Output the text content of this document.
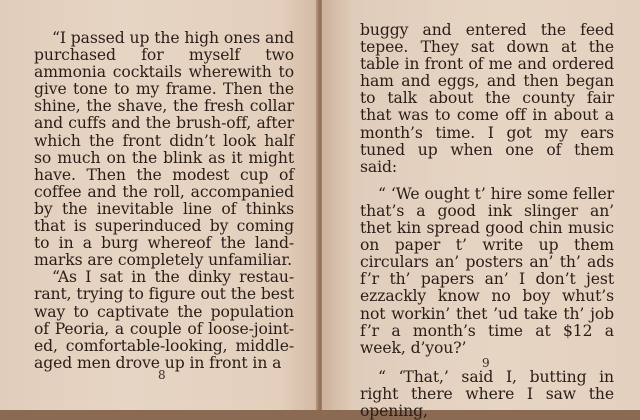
“I passed up the high ones and purchased for myself two ammonia cocktails wherewith to give tone to my frame. Then the shine, the shave, the fresh collar and cuffs and the brush-off, after which the front didn’t look half so much on the blink as it might have. Then the modest cup of coffee and the roll, accompanied by the inevitable line of thinks that is superinduced by coming to in a burg whereof the land-marks are completely unfamiliar.

“As I sat in the dinky restau-rant, trying to figure out the best way to captivate the population of Peoria, a couple of loose-joint-ed, comfortable-looking, middle-aged men drove up in front in a

8

buggy and entered the feed tepee. They sat down at the table in front of me and ordered ham and eggs, and then began to talk about the county fair that was to come off in about a month’s time. I got my ears tuned up when one of them said:

“ ‘We ought t’ hire some feller that’s a good ink slinger an’ thet kin spread good chin music on paper t’ write up them circulars an’ posters an’ th’ ads f’r th’ papers an’ I don’t jest ezzackly know no boy whut’s not workin’ thet ’ud take th’ job f’r a month’s time at $12 a week, d’you?’

“ ‘That,’ said I, butting in right there where I saw the opening,

9
